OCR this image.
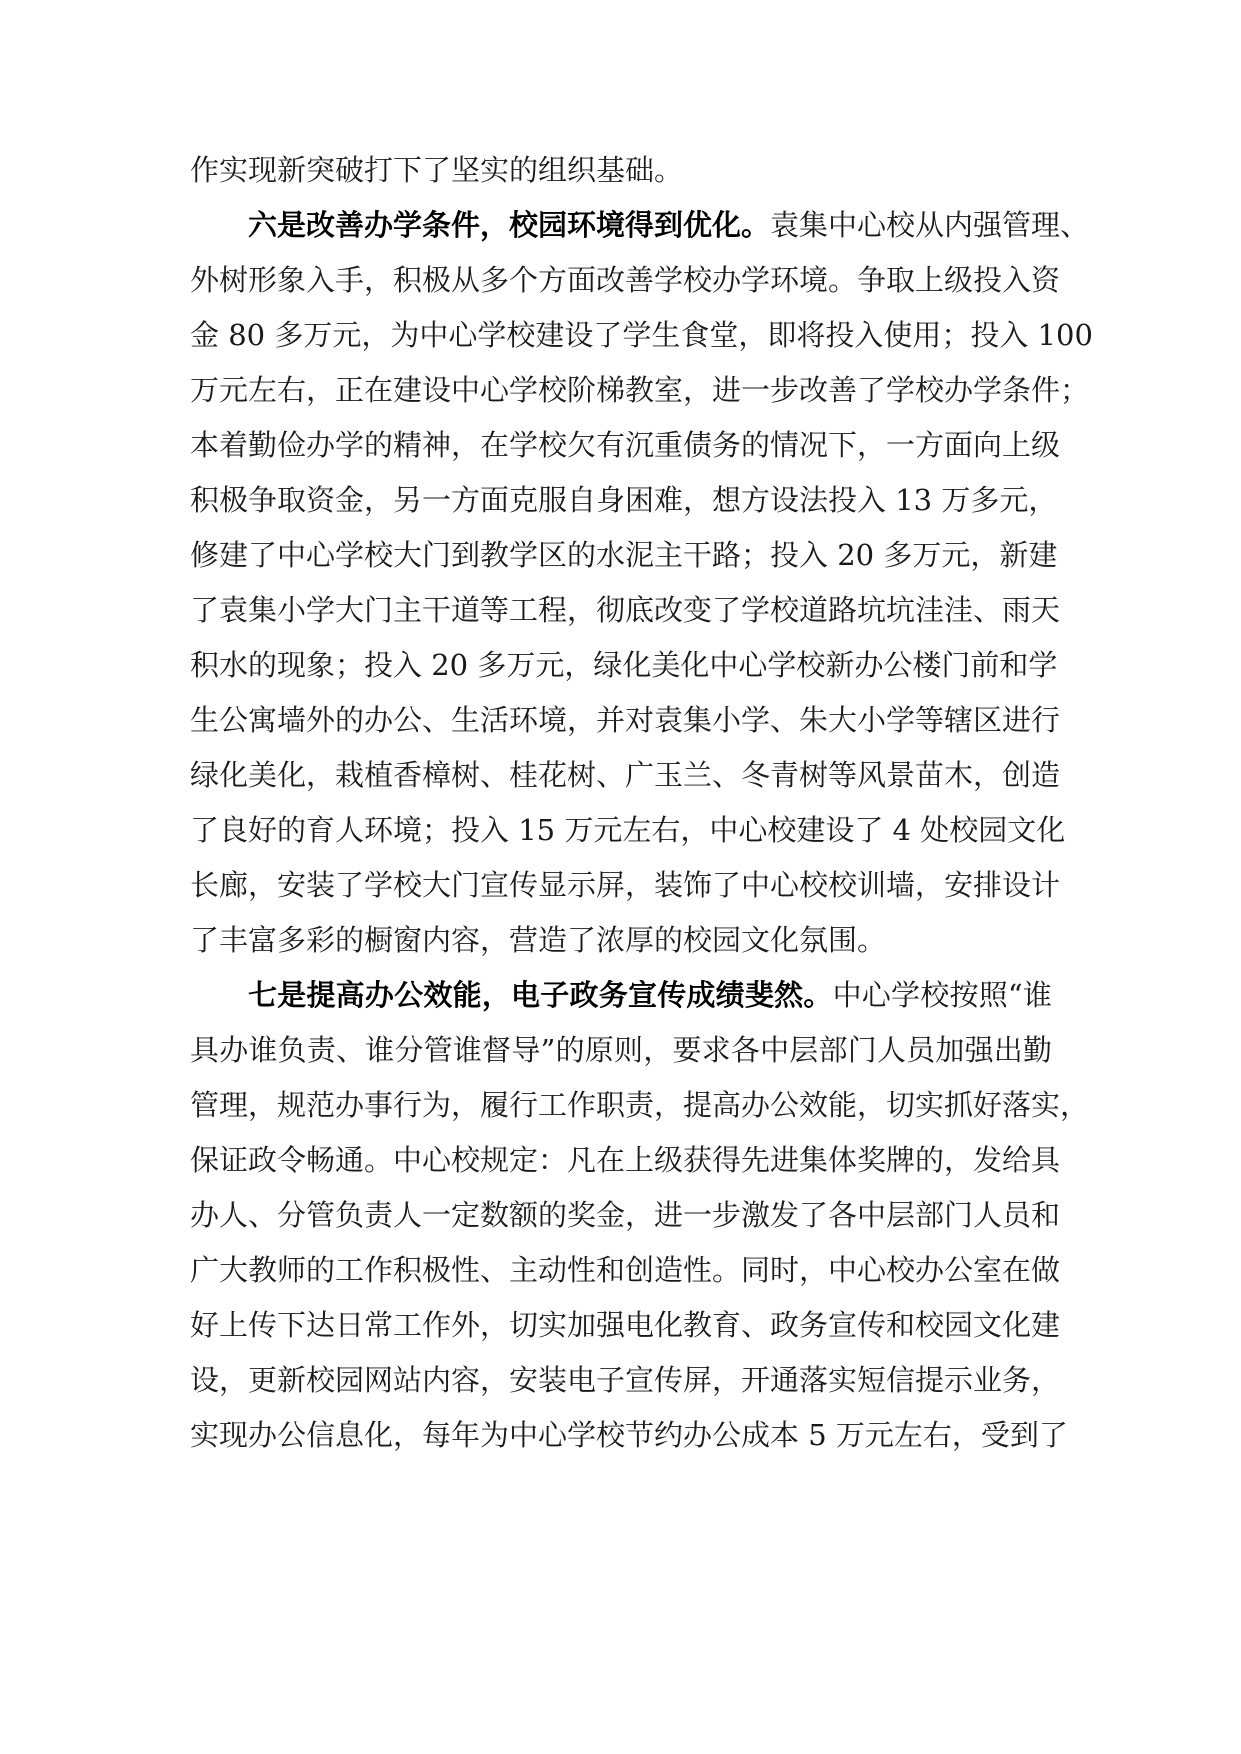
作实现新突破打下了坚实的组织基础。

六是改善办学条件，校园环境得到优化。袁集中心校从内强管理、

外树形象入手，积极从多个方面改善学校办学环境。争取上级投入资

金 80 多万元，为中心学校建设了学生食堂，即将投入使用；投入 100

万元左右，正在建设中心学校阶梯教室，进一步改善了学校办学条件；

本着勤俭办学的精神，在学校欠有沉重债务的情况下，一方面向上级

积极争取资金，另一方面克服自身困难，想方设法投入 13 万多元，

修建了中心学校大门到教学区的水泥主干路；投入 20 多万元，新建

了袁集小学大门主干道等工程，彻底改变了学校道路坑坑洼洼、雨天

积水的现象；投入 20 多万元，绿化美化中心学校新办公楼门前和学

生公寓墙外的办公、生活环境，并对袁集小学、朱大小学等辖区进行

绿化美化，栽植香樟树、桂花树、广玉兰、冬青树等风景苗木，创造

了良好的育人环境；投入 15 万元左右，中心校建设了 4 处校园文化

长廊，安装了学校大门宣传显示屏，装饰了中心校校训墙，安排设计

了丰富多彩的橱窗内容，营造了浓厚的校园文化氛围。

七是提高办公效能，电子政务宣传成绩斐然。中心学校按照“谁

具办谁负责、谁分管谁督导”的原则，要求各中层部门人员加强出勤

管理，规范办事行为，履行工作职责，提高办公效能，切实抓好落实，

保证政令畅通。中心校规定：凡在上级获得先进集体奖牌的，发给具

办人、分管负责人一定数额的奖金，进一步激发了各中层部门人员和

广大教师的工作积极性、主动性和创造性。同时，中心校办公室在做

好上传下达日常工作外，切实加强电化教育、政务宣传和校园文化建

设，更新校园网站内容，安装电子宣传屏，开通落实短信提示业务，

实现办公信息化，每年为中心学校节约办公成本 5 万元左右，受到了
